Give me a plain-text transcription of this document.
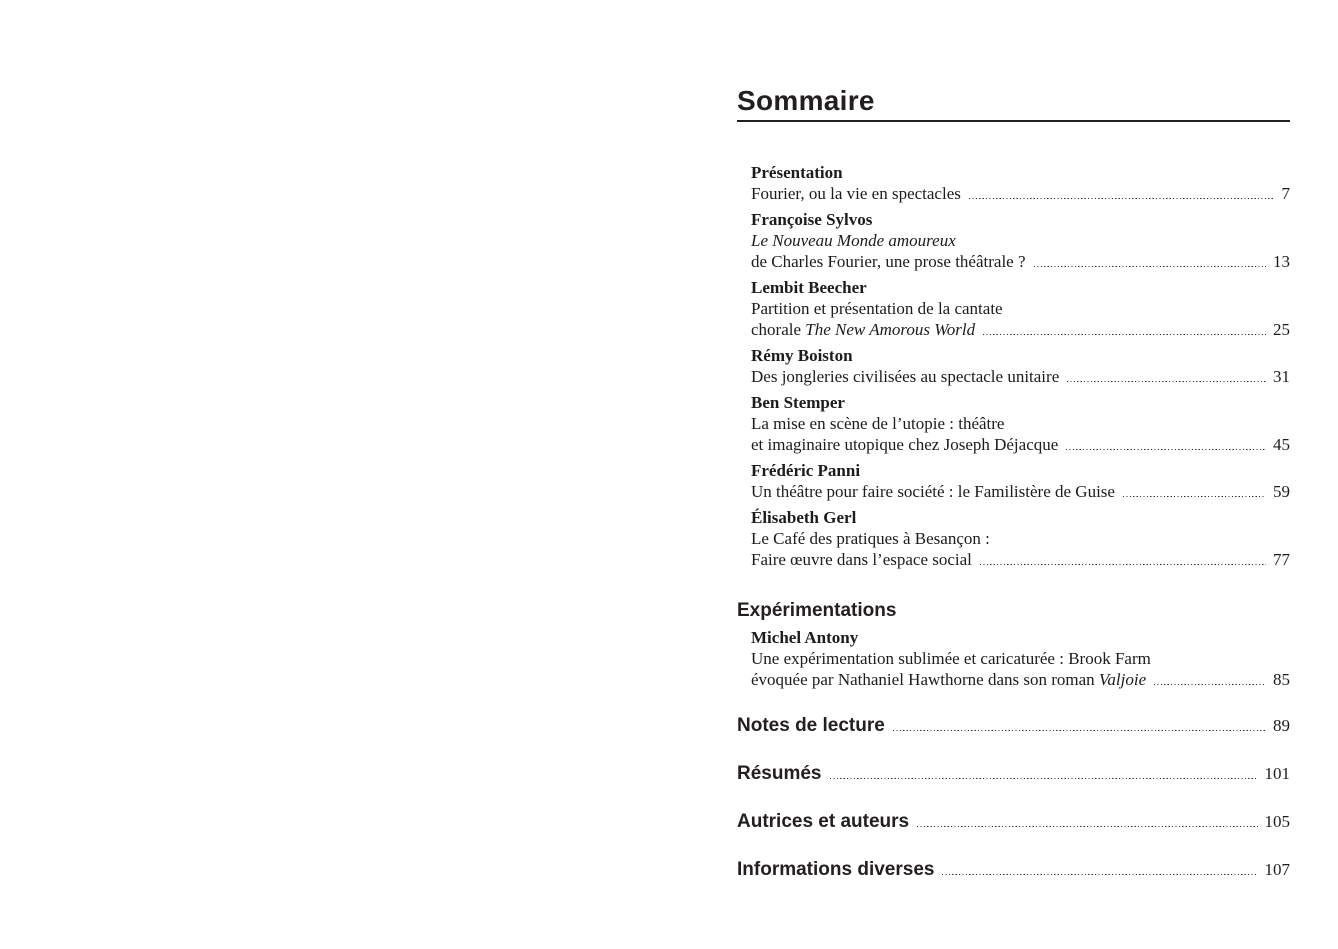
Sommaire
Présentation
Fourier, ou la vie en spectacles	7
Françoise Sylvos
Le Nouveau Monde amoureux
de Charles Fourier, une prose théâtrale ?	13
Lembit Beecher
Partition et présentation de la cantate
chorale The New Amorous World	25
Rémy Boiston
Des jongleries civilisées au spectacle unitaire	31
Ben Stemper
La mise en scène de l’utopie : théâtre
et imaginaire utopique chez Joseph Déjacque	45
Frédéric Panni
Un théâtre pour faire société : le Familistère de Guise	59
Élisabeth Gerl
Le Café des pratiques à Besançon :
Faire œuvre dans l’espace social	77
Expérimentations
Michel Antony
Une expérimentation sublimée et caricaturée : Brook Farm
évoquée par Nathaniel Hawthorne dans son roman Valjoie	85
Notes de lecture	89
Résumés	101
Autrices et auteurs	105
Informations diverses	107
